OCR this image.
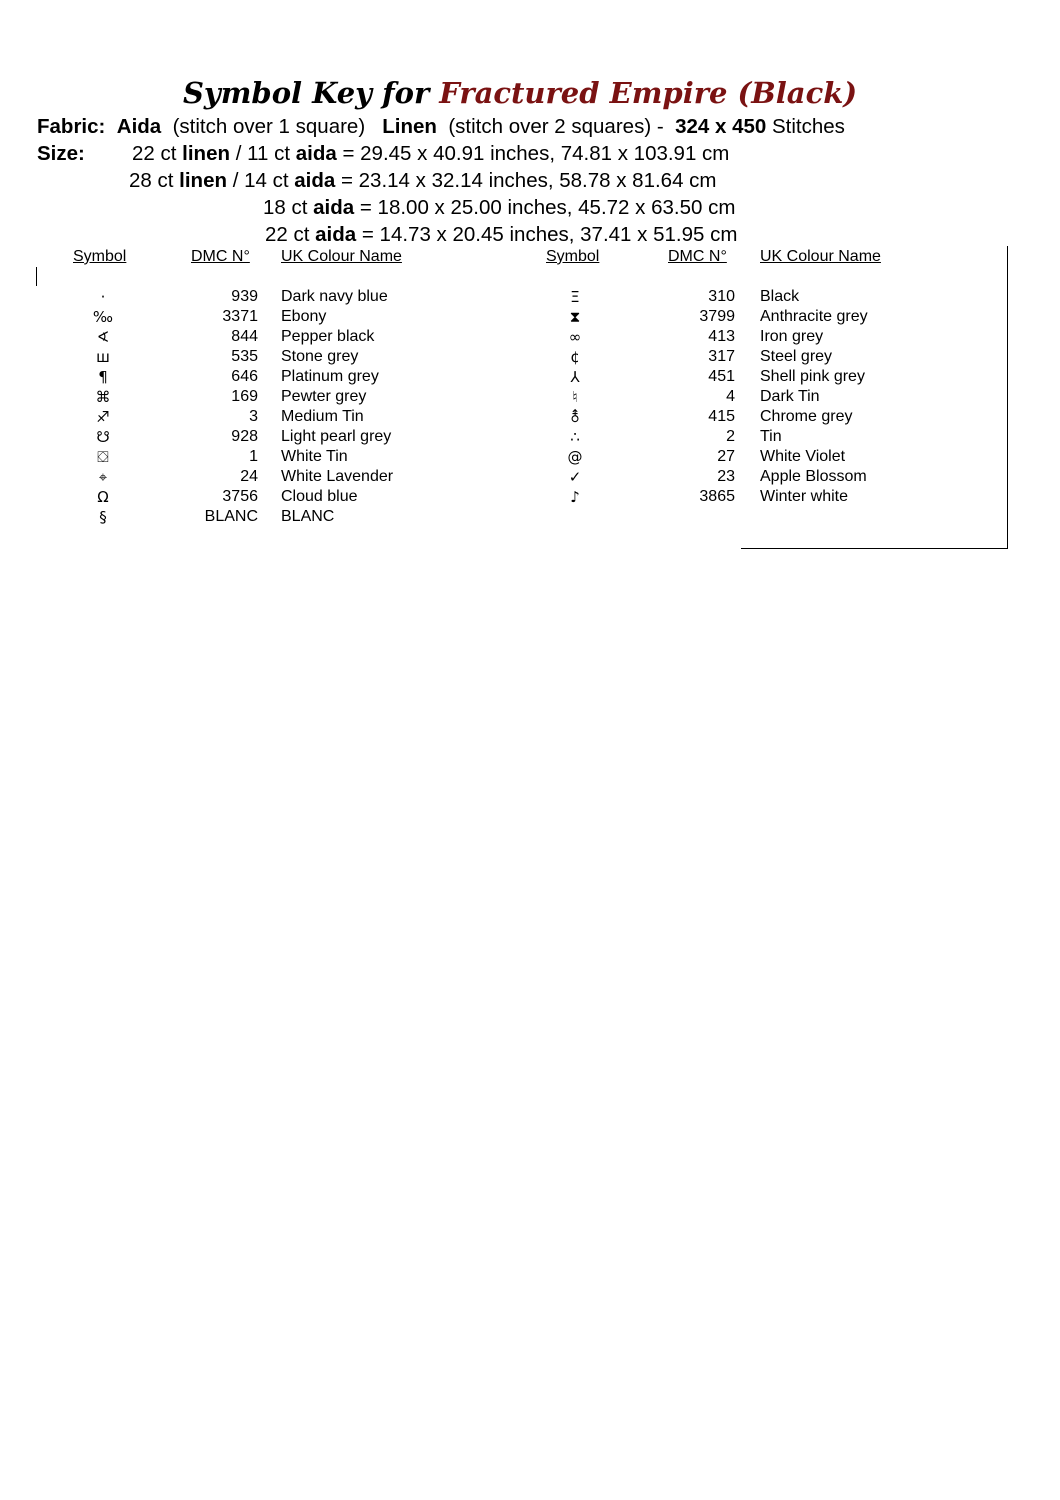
Symbol Key for Fractured Empire (Black)
Fabric: Aida (stitch over 1 square) Linen (stitch over 2 squares) - 324 x 450 Stitches
Size: 22 ct linen / 11 ct aida = 29.45 x 40.91 inches, 74.81 x 103.91 cm
28 ct linen / 14 ct aida = 23.14 x 32.14 inches, 58.78 x 81.64 cm
18 ct aida = 18.00 x 25.00 inches, 45.72 x 63.50 cm
22 ct aida = 14.73 x 20.45 inches, 37.41 x 51.95 cm
Symbol	DMC N° UK Colour Name	Symbol	DMC N° UK Colour Name
·	939 Dark navy blue
‰	3371 Ebony
∢	844 Pepper black
ш	535 Stone grey
¶	646 Platinum grey
⌘	169 Pewter grey
♐	3 Medium Tin
☋	928 Light pearl grey
⛋	1 White Tin
⌖	24 White Lavender
Ω	3756 Cloud blue
§	BLANC BLANC
Ξ	310 Black
⧗	3799 Anthracite grey
∞	413 Iron grey
¢	317 Steel grey
⅄	451 Shell pink grey
♮	4 Dark Tin
⚨	415 Chrome grey
∴	2 Tin
@	27 White Violet
✓	23 Apple Blossom
♪	3865 Winter white
